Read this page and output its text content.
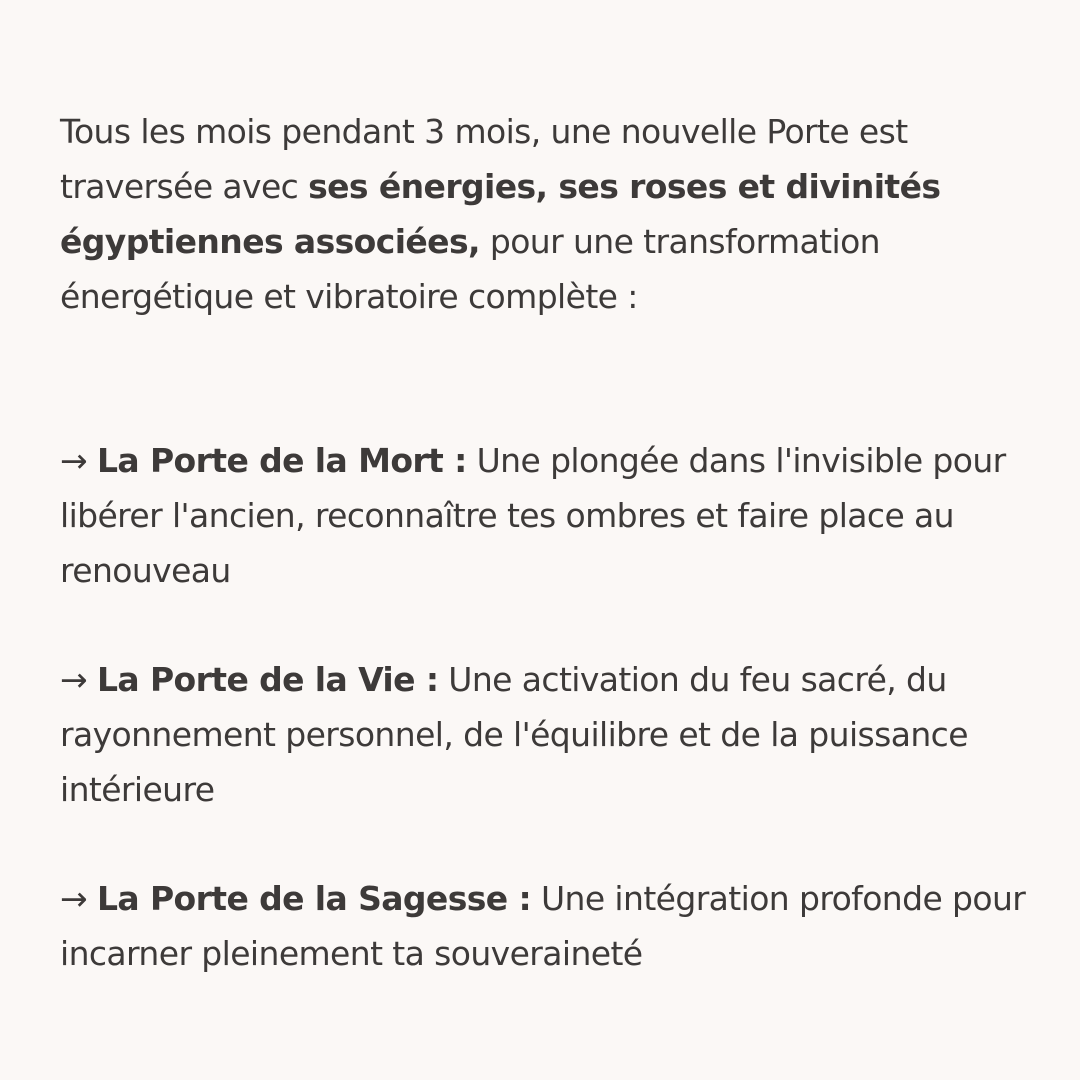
Tous les mois pendant 3 mois, une nouvelle Porte est traversée avec ses énergies, ses roses et divinités égyptiennes associées, pour une transformation énergétique et vibratoire complète :

→ La Porte de la Mort : Une plongée dans l'invisible pour libérer l'ancien, reconnaître tes ombres et faire place au renouveau

→ La Porte de la Vie : Une activation du feu sacré, du rayonnement personnel, de l'équilibre et de la puissance intérieure

→ La Porte de la Sagesse : Une intégration profonde pour incarner pleinement ta souveraineté
